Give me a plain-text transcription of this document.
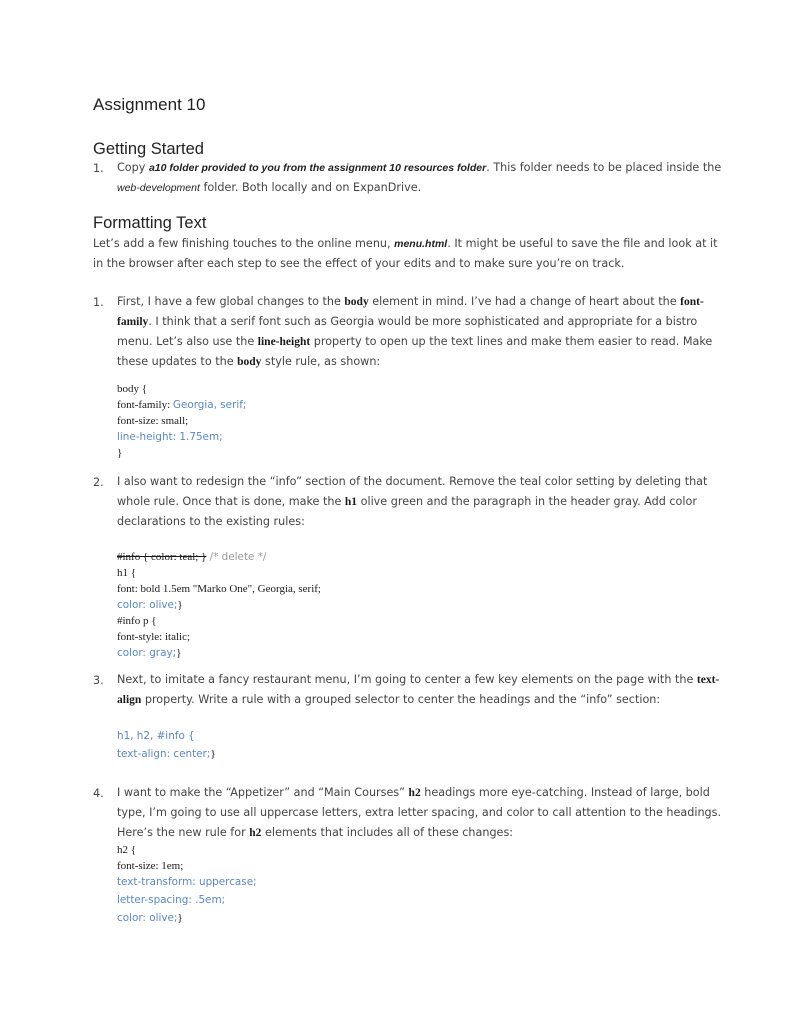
Assignment 10
Getting Started
1. Copy a10 folder provided to you from the assignment 10 resources folder. This folder needs to be placed inside the
web-development folder. Both locally and on ExpanDrive.
Formatting Text
Let’s add a few finishing touches to the online menu, menu.html. It might be useful to save the file and look at it
in the browser after each step to see the effect of your edits and to make sure you’re on track.
1. First, I have a few global changes to the body element in mind. I’ve had a change of heart about the font-
family. I think that a serif font such as Georgia would be more sophisticated and appropriate for a bistro
menu. Let’s also use the line-height property to open up the text lines and make them easier to read. Make
these updates to the body style rule, as shown:
body {
font-family: Georgia, serif;
font-size: small;
line-height: 1.75em;
}
2. I also want to redesign the “info” section of the document. Remove the teal color setting by deleting that
whole rule. Once that is done, make the h1 olive green and the paragraph in the header gray. Add color
declarations to the existing rules:
#info { color: teal; } /* delete */
h1 {
font: bold 1.5em "Marko One", Georgia, serif;
color: olive;}
#info p {
font-style: italic;
color: gray;}
3. Next, to imitate a fancy restaurant menu, I’m going to center a few key elements on the page with the text-
align property. Write a rule with a grouped selector to center the headings and the “info” section:
h1, h2, #info {
text-align: center;}
4. I want to make the “Appetizer” and “Main Courses” h2 headings more eye-catching. Instead of large, bold
type, I’m going to use all uppercase letters, extra letter spacing, and color to call attention to the headings.
Here’s the new rule for h2 elements that includes all of these changes:
h2 {
font-size: 1em;
text-transform: uppercase;
letter-spacing: .5em;
color: olive;}
